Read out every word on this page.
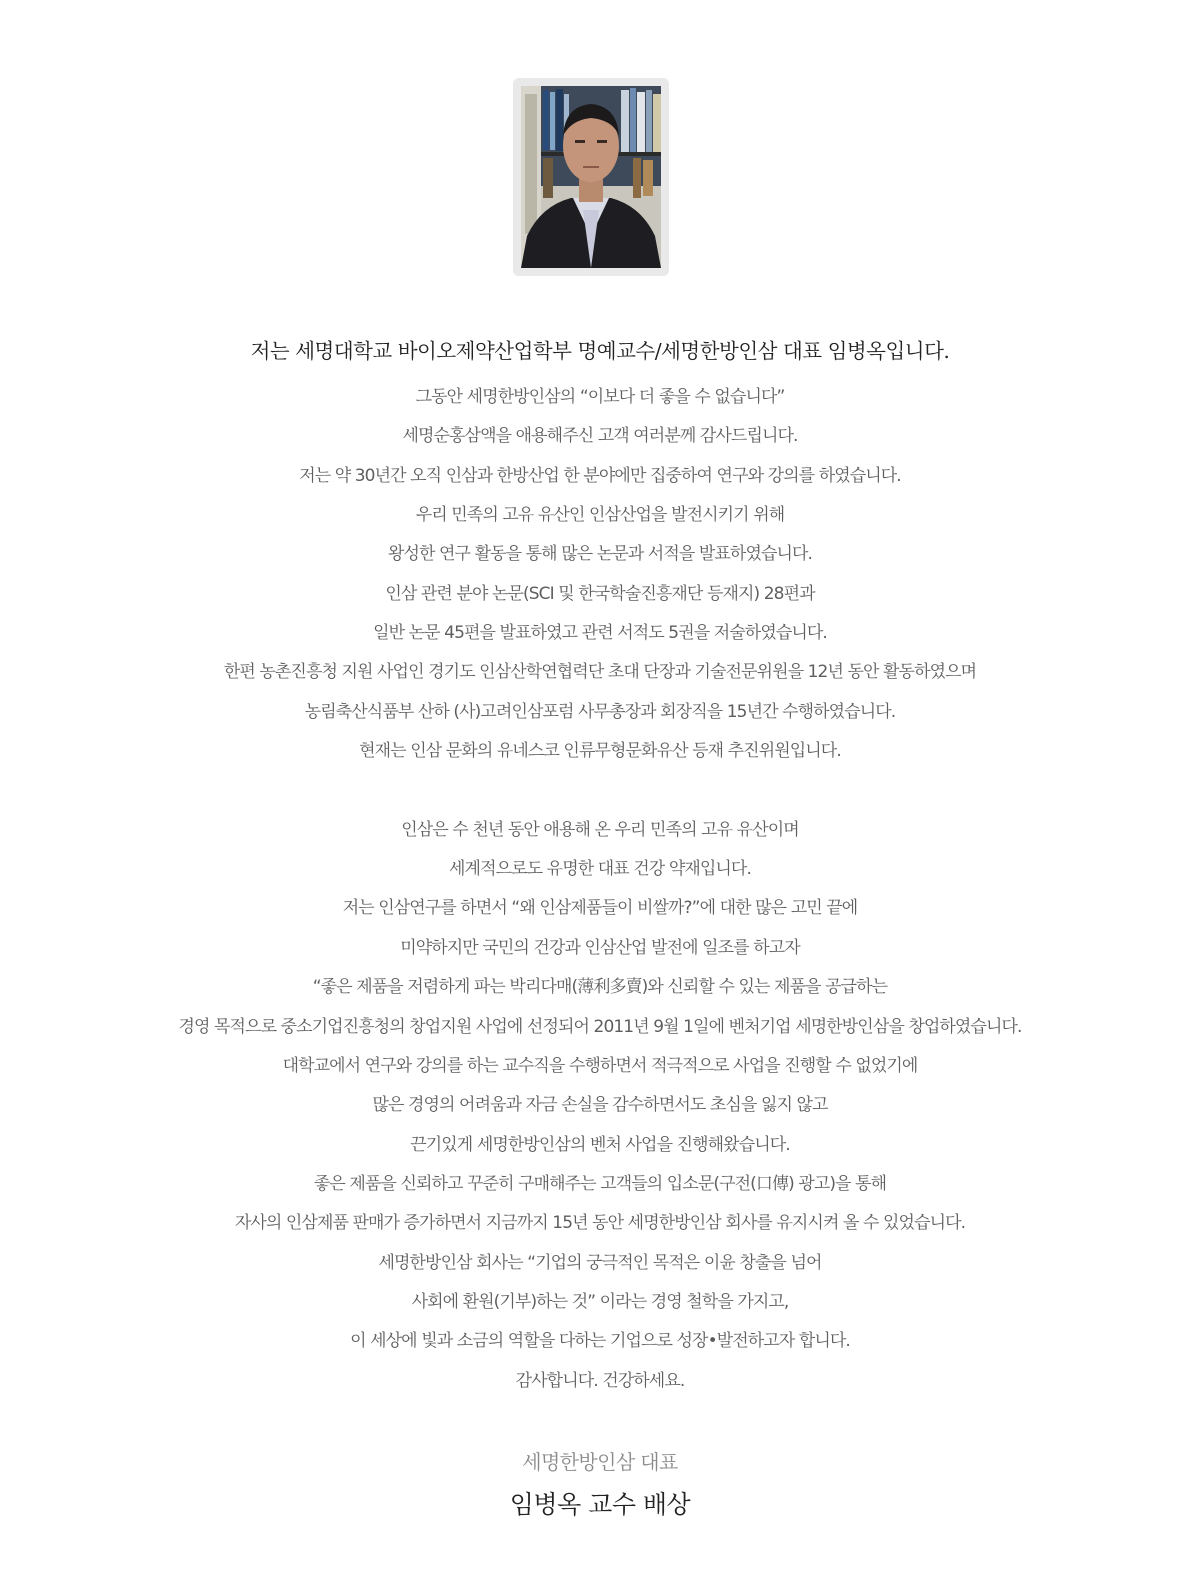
저는 세명대학교 바이오제약산업학부 명예교수/세명한방인삼 대표 임병옥입니다.
그동안 세명한방인삼의 “이보다 더 좋을 수 없습니다”
세명순홍삼액을 애용해주신 고객 여러분께 감사드립니다.
저는 약 30년간 오직 인삼과 한방산업 한 분야에만 집중하여 연구와 강의를 하였습니다.
우리 민족의 고유 유산인 인삼산업을 발전시키기 위해
왕성한 연구 활동을 통해 많은 논문과 서적을 발표하였습니다.
인삼 관련 분야 논문(SCI 및 한국학술진흥재단 등재지) 28편과
일반 논문 45편을 발표하였고 관련 서적도 5권을 저술하였습니다.
한편 농촌진흥청 지원 사업인 경기도 인삼산학연협력단 초대 단장과 기술전문위원을 12년 동안 활동하였으며
농림축산식품부 산하 (사)고려인삼포럼 사무총장과 회장직을 15년간 수행하였습니다.
현재는 인삼 문화의 유네스코 인류무형문화유산 등재 추진위원입니다.
인삼은 수 천년 동안 애용해 온 우리 민족의 고유 유산이며
세계적으로도 유명한 대표 건강 약재입니다.
저는 인삼연구를 하면서 “왜 인삼제품들이 비쌀까?”에 대한 많은 고민 끝에
미약하지만 국민의 건강과 인삼산업 발전에 일조를 하고자
“좋은 제품을 저렴하게 파는 박리다매(薄利多賣)와 신뢰할 수 있는 제품을 공급하는
경영 목적으로 중소기업진흥청의 창업지원 사업에 선정되어 2011년 9월 1일에 벤처기업 세명한방인삼을 창업하였습니다.
대학교에서 연구와 강의를 하는 교수직을 수행하면서 적극적으로 사업을 진행할 수 없었기에
많은 경영의 어려움과 자금 손실을 감수하면서도 초심을 잃지 않고
끈기있게 세명한방인삼의 벤처 사업을 진행해왔습니다.
좋은 제품을 신뢰하고 꾸준히 구매해주는 고객들의 입소문(구전(口傳) 광고)을 통해
자사의 인삼제품 판매가 증가하면서 지금까지 15년 동안 세명한방인삼 회사를 유지시켜 올 수 있었습니다.
세명한방인삼 회사는 “기업의 궁극적인 목적은 이윤 창출을 넘어
사회에 환원(기부)하는 것” 이라는 경영 철학을 가지고,
이 세상에 빛과 소금의 역할을 다하는 기업으로 성장•발전하고자 합니다.
감사합니다. 건강하세요.
세명한방인삼 대표
임병옥 교수 배상
